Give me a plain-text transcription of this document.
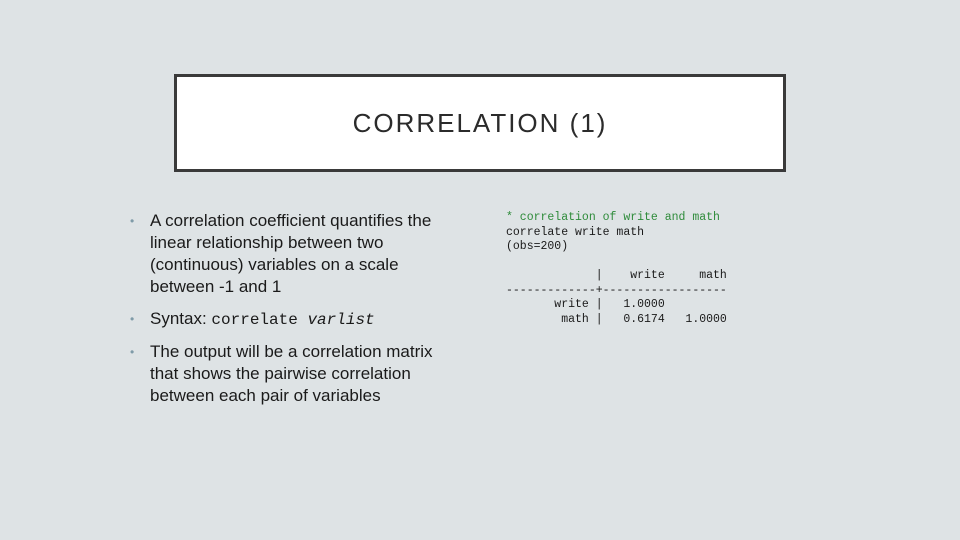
CORRELATION (1)
• A correlation coefficient quantifies the linear relationship between two (continuous) variables on a scale between -1 and 1
• Syntax: correlate varlist
• The output will be a correlation matrix that shows the pairwise correlation between each pair of variables
* correlation of write and math
correlate write math
(obs=200)
|    write     math
-------------+------------------
write |   1.0000
math |   0.6174   1.0000
